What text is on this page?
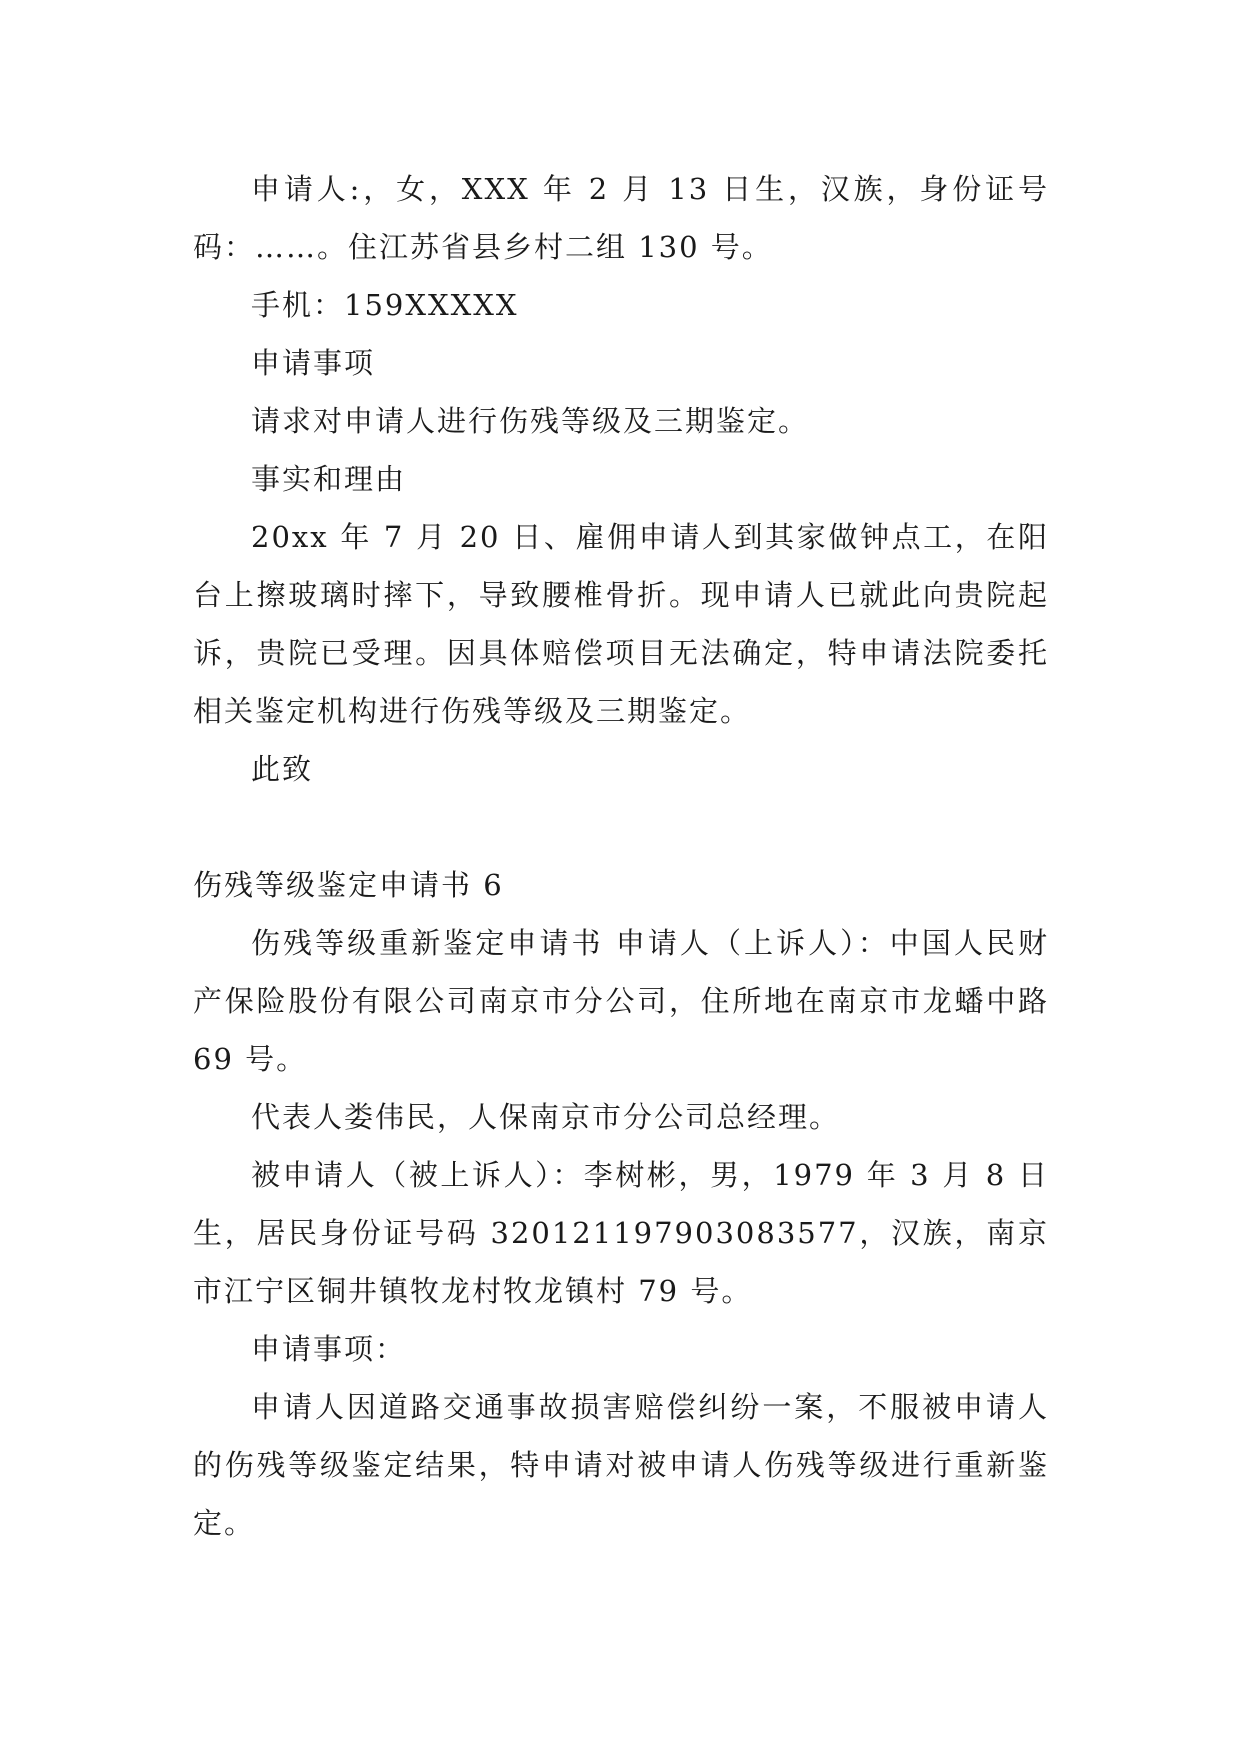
申请人:，女，XXX 年 2 月 13 日生，汉族，身份证号码：……。住江苏省县乡村二组 130 号。

手机：159XXXXX

申请事项

请求对申请人进行伤残等级及三期鉴定。

事实和理由

20xx 年 7 月 20 日、雇佣申请人到其家做钟点工，在阳台上擦玻璃时摔下，导致腰椎骨折。现申请人已就此向贵院起诉，贵院已受理。因具体赔偿项目无法确定，特申请法院委托相关鉴定机构进行伤残等级及三期鉴定。

此致

伤残等级鉴定申请书 6

伤残等级重新鉴定申请书 申请人（上诉人）：中国人民财产保险股份有限公司南京市分公司，住所地在南京市龙蟠中路 69 号。

代表人娄伟民，人保南京市分公司总经理。

被申请人（被上诉人）：李树彬，男，1979 年 3 月 8 日生，居民身份证号码 320121197903083577，汉族，南京市江宁区铜井镇牧龙村牧龙镇村 79 号。

申请事项：

申请人因道路交通事故损害赔偿纠纷一案，不服被申请人的伤残等级鉴定结果，特申请对被申请人伤残等级进行重新鉴定。
